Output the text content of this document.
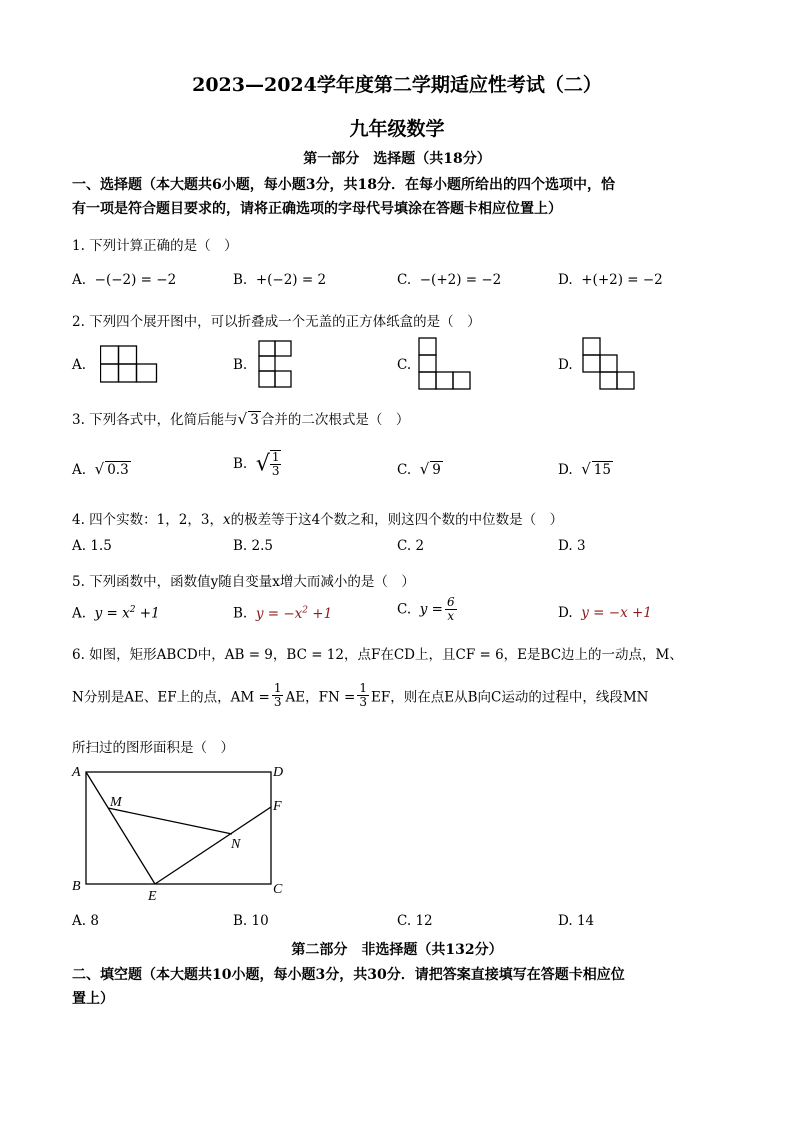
2023—2024学年度第二学期适应性考试（二）
九年级数学
第一部分　选择题（共18分）
一、选择题（本大题共6小题，每小题3分，共18分．在每小题所给出的四个选项中，恰
有一项是符合题目要求的，请将正确选项的字母代号填涂在答题卡相应位置上）
1. 下列计算正确的是（　）
A. −(−2) = −2	B. +(−2) = 2	C. −(+2) = −2	D. +(+2) = −2
2. 下列四个展开图中，可以折叠成一个无盖的正方体纸盒的是（　）
A.	B.	C.	D.
3. 下列各式中，化简后能与√ 3 合并的二次根式是（　）
A. √ 0.3	B. √ $\frac{1}{3}$	C. √ 9	D. √ 15
4. 四个实数：1，2，3，x的极差等于这4个数之和，则这四个数的中位数是（　）
A. 1.5	B. 2.5	C. 2	D. 3
5. 下列函数中，函数值y随自变量x增大而减小的是（　）
A. $y = x^2 +1$	B. $y = -x^2 +1$	C. $y = \frac{6}{x}$	D. y = −x +1
6. 如图，矩形ABCD中，AB = 9，BC = 12，点F在CD上，且CF = 6，E是BC边上的一动点，M、
N分别是AE、EF上的点，AM = $\frac{1}{3}$ AE，FN = $\frac{1}{3}$ EF，则在点E从B向C运动的过程中，线段MN
所扫过的图形面积是（　）
A	D
M	F
N
B
E	C
A. 8	B. 10	C. 12	D. 14
第二部分　非选择题（共132分）
二、填空题（本大题共10小题，每小题3分，共30分．请把答案直接填写在答题卡相应位
置上）
